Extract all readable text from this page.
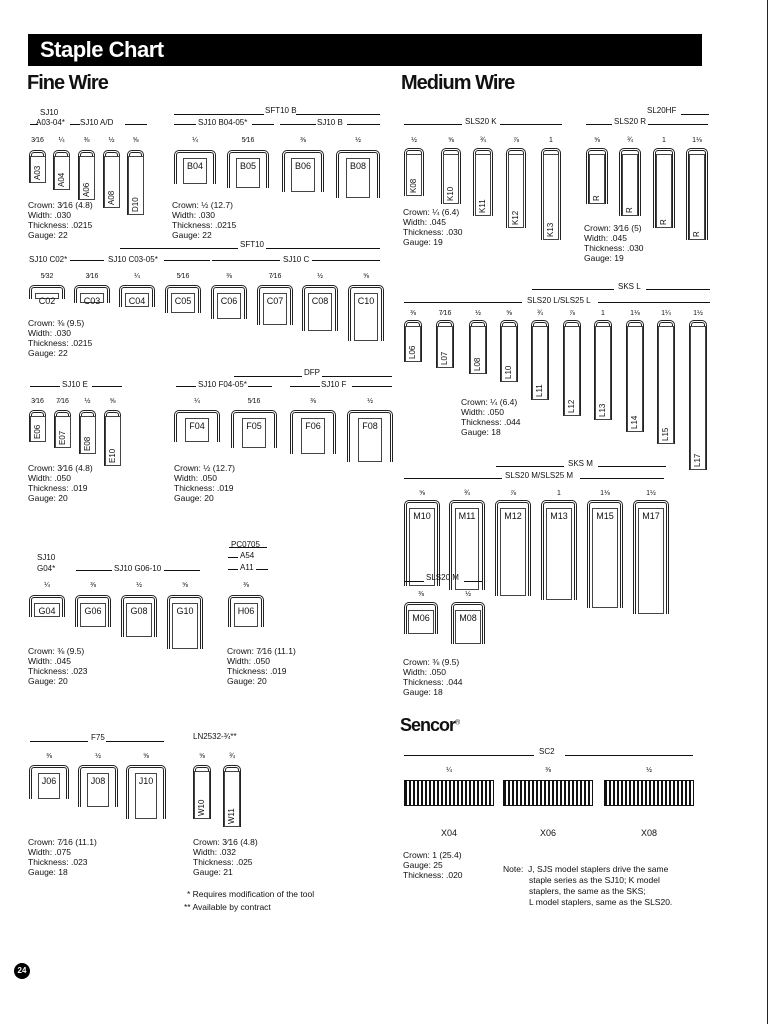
Staple Chart
Fine Wire	Medium Wire
SJ10
A03-04* SJ10 A/D
3⁄16
A03
¼
A04
⅜
A06
½
A08
⅝
D10
Crown: 3⁄16 (4.8)
Width: .030
Thickness: .0215
Gauge: 22
SFT10 B
SJ10 B04-05*	SJ10 B
¼
B04
5⁄16
B05
⅜
B06
½
B08
Crown: ½ (12.7)
Width: .030
Thickness: .0215
Gauge: 22
SFT10
SJ10 C02*	SJ10 C03-05*	SJ10 C
5⁄32
C02
3⁄16
C03
¼
C04
5⁄16
C05
⅜
C06
7⁄16
C07
½
C08
⅝
C10
Crown: ⅜ (9.5)
Width: .030
Thickness: .0215
Gauge: 22
SJ10 E
3⁄16
E06
7⁄16
E07
½
E08
⅝
E10
Crown: 3⁄16 (4.8)
Width: .050
Thickness: .019
Gauge: 20
DFP
SJ10 F04-05*	SJ10 F
¼
F04
5⁄16
F05
⅜
F06
½
F08
Crown: ½ (12.7)
Width: .050
Thickness: .019
Gauge: 20
SJ10
G04*	SJ10 G06-10
¼
G04
⅜
G06
½
G08
⅝
G10
Crown: ⅜ (9.5)
Width: .045
Thickness: .023
Gauge: 20
PC0705
A54
A11
⅜
H06
Crown: 7⁄16 (11.1)
Width: .050
Thickness: .019
Gauge: 20
F75
⅜
J06
½
J08
⅝
J10
Crown: 7⁄16 (11.1)
Width: .075
Thickness: .023
Gauge: 18
LN2532-¾**
⅝
W10
¾
W11
Crown: 3⁄16 (4.8)
Width: .032
Thickness: .025
Gauge: 21
SLS20 K
½
K08
⅝
K10
¾
K11
⅞
K12
1
K13
Crown: ¼ (6.4)
Width: .045
Thickness: .030
Gauge: 19
SL20HF
SLS20 R
⅝
R
¾
R
1
R
1⅛
R
Crown: 3⁄16 (5)
Width: .045
Thickness: .030
Gauge: 19
SKS L
SLS20 L/SLS25 L
⅜
L06
7⁄16
L07
½
L08
⅝
L10
¾
L11
⅞
L12
1
L13
1⅛
L14
1¼
L15
1½
L17
Crown: ¼ (6.4)
Width: .050
Thickness: .044
Gauge: 18
SKS M
SLS20 M/SLS25 M
⅝
M10
¾
M11
⅞
M12
1
M13
1⅛
M15
1½
M17
SLS20 M
⅜
M06
½
M08
Crown: ⅜ (9.5)
Width: .050
Thickness: .044
Gauge: 18
SC2
¼
X04
⅜
X06
½
X08
Crown: 1 (25.4)
Gauge: 25
Thickness: .020
Sencor®
* Requires modification of the tool
** Available by contract
Note:  J, SJS model staplers drive the same
staple series as the SJ10; K model
staplers, the same as the SKS;
L model staplers, same as the SLS20.
24
